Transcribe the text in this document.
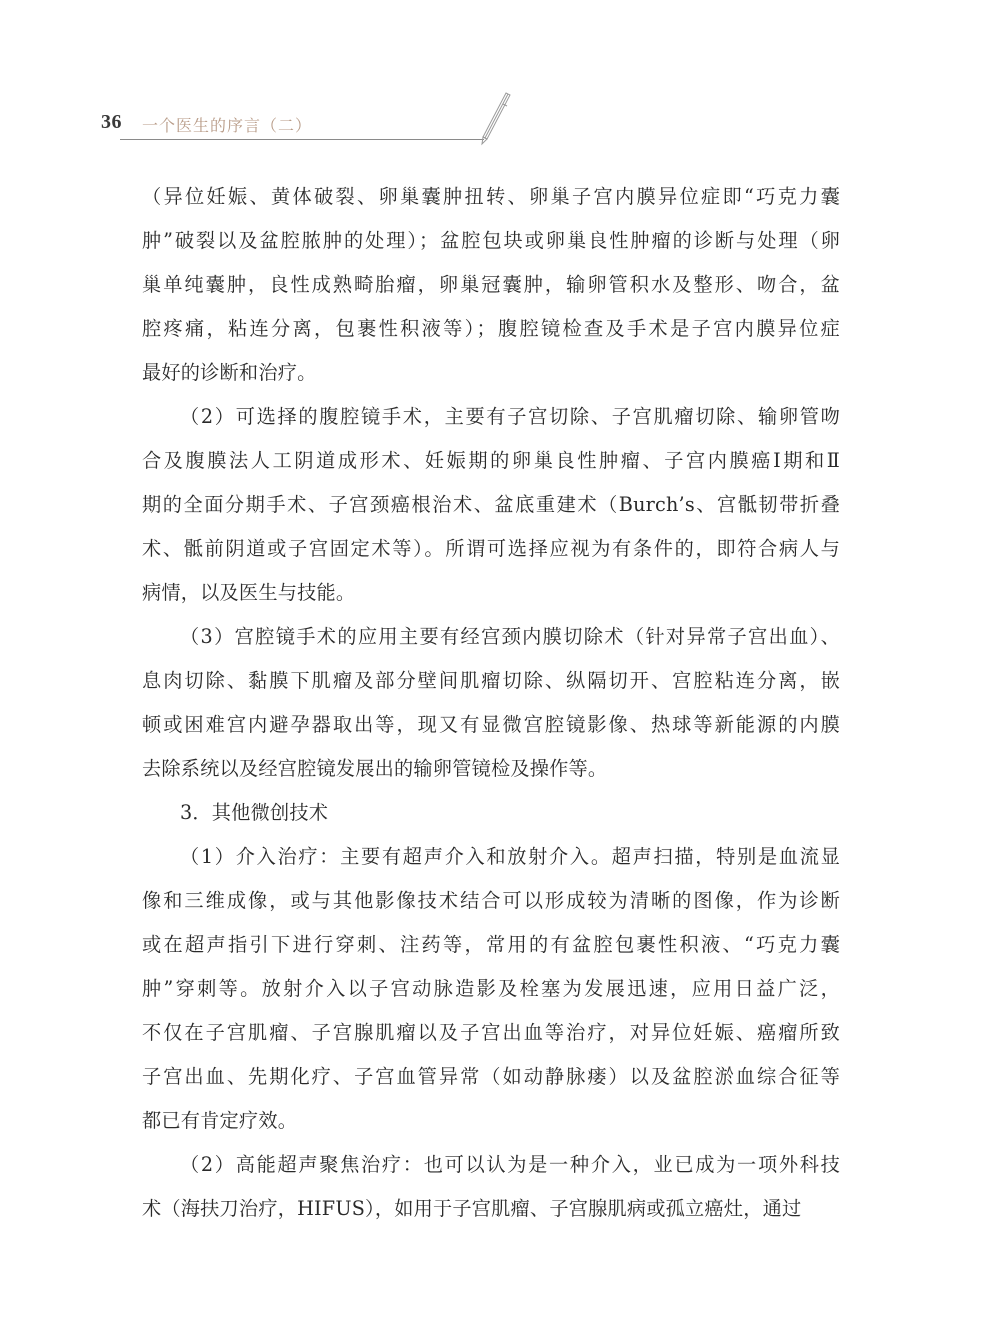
36 一个医生的序言（二）
（异位妊娠、黄体破裂、卵巢囊肿扭转、卵巢子宫内膜异位症即“巧克力囊
肿”破裂以及盆腔脓肿的处理）；盆腔包块或卵巢良性肿瘤的诊断与处理（卵
巢单纯囊肿，良性成熟畸胎瘤，卵巢冠囊肿，输卵管积水及整形、吻合，盆
腔疼痛，粘连分离，包裹性积液等）；腹腔镜检查及手术是子宫内膜异位症
最好的诊断和治疗。
（2）可选择的腹腔镜手术，主要有子宫切除、子宫肌瘤切除、输卵管吻
合及腹膜法人工阴道成形术、妊娠期的卵巢良性肿瘤、子宫内膜癌Ⅰ期和Ⅱ
期的全面分期手术、子宫颈癌根治术、盆底重建术（Burch’s、宫骶韧带折叠
术、骶前阴道或子宫固定术等）。所谓可选择应视为有条件的，即符合病人与
病情，以及医生与技能。
（3）宫腔镜手术的应用主要有经宫颈内膜切除术（针对异常子宫出血）、
息肉切除、黏膜下肌瘤及部分壁间肌瘤切除、纵隔切开、宫腔粘连分离，嵌
顿或困难宫内避孕器取出等，现又有显微宫腔镜影像、热球等新能源的内膜
去除系统以及经宫腔镜发展出的输卵管镜检及操作等。
3．其他微创技术
（1）介入治疗：主要有超声介入和放射介入。超声扫描，特别是血流显
像和三维成像，或与其他影像技术结合可以形成较为清晰的图像，作为诊断
或在超声指引下进行穿刺、注药等，常用的有盆腔包裹性积液、“巧克力囊
肿”穿刺等。放射介入以子宫动脉造影及栓塞为发展迅速，应用日益广泛，
不仅在子宫肌瘤、子宫腺肌瘤以及子宫出血等治疗，对异位妊娠、癌瘤所致
子宫出血、先期化疗、子宫血管异常（如动静脉瘘）以及盆腔淤血综合征等
都已有肯定疗效。
（2）高能超声聚焦治疗：也可以认为是一种介入，业已成为一项外科技
术（海扶刀治疗，HIFUS），如用于子宫肌瘤、子宫腺肌病或孤立癌灶，通过
